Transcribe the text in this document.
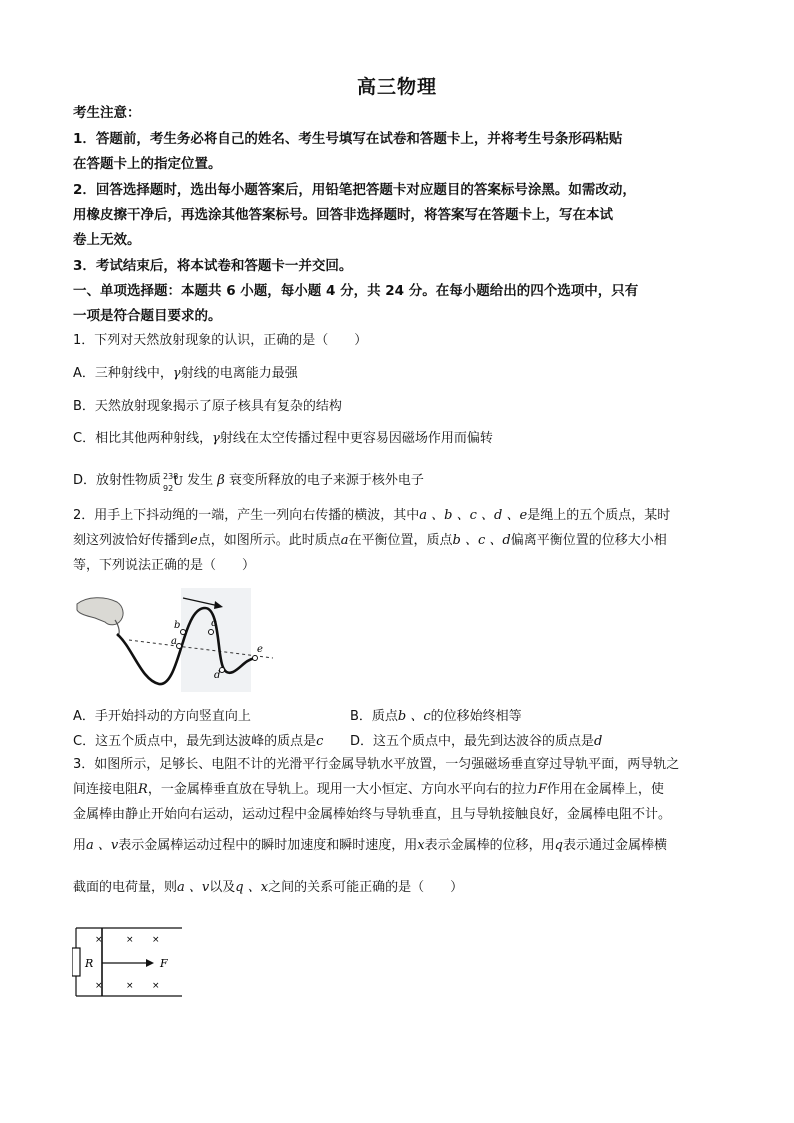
高三物理
考生注意：
1．答题前，考生务必将自己的姓名、考生号填写在试卷和答题卡上，并将考生号条形码粘贴
在答题卡上的指定位置。
2．回答选择题时，选出每小题答案后，用铅笔把答题卡对应题目的答案标号涂黑。如需改动，
用橡皮擦干净后，再选涂其他答案标号。回答非选择题时，将答案写在答题卡上，写在本试
卷上无效。
3．考试结束后，将本试卷和答题卡一并交回。
一、单项选择题：本题共 6 小题，每小题 4 分，共 24 分。在每小题给出的四个选项中，只有
一项是符合题目要求的。
1．下列对天然放射现象的认识，正确的是（　　）
A．三种射线中，γ射线的电离能力最强
B．天然放射现象揭示了原子核具有复杂的结构
C．相比其他两种射线，γ射线在太空传播过程中更容易因磁场作用而偏转
D．放射性物质 238
92
U 发生 β 衰变所释放的电子来源于核外电子
2．用手上下抖动绳的一端，产生一列向右传播的横波，其中a 、b 、c 、d 、e是绳上的五个质点，某时
刻这列波恰好传播到e点，如图所示。此时质点a在平衡位置，质点b 、c 、d偏离平衡位置的位移大小相
等，下列说法正确的是（　　）
a
b	c
d
e
A．手开始抖动的方向竖直向上	B．质点b 、c的位移始终相等
C．这五个质点中，最先到达波峰的质点是c D．这五个质点中，最先到达波谷的质点是d
3．如图所示，足够长、电阻不计的光滑平行金属导轨水平放置，一匀强磁场垂直穿过导轨平面，两导轨之
间连接电阻R，一金属棒垂直放在导轨上。现用一大小恒定、方向水平向右的拉力F作用在金属棒上，使
金属棒由静止开始向右运动，运动过程中金属棒始终与导轨垂直，且与导轨接触良好，金属棒电阻不计。
用a 、v表示金属棒运动过程中的瞬时加速度和瞬时速度，用x表示金属棒的位移，用q表示通过金属棒横
截面的电荷量，则a 、v以及q 、x之间的关系可能正确的是（　　）
R
×	× ×
×	× ×
F
